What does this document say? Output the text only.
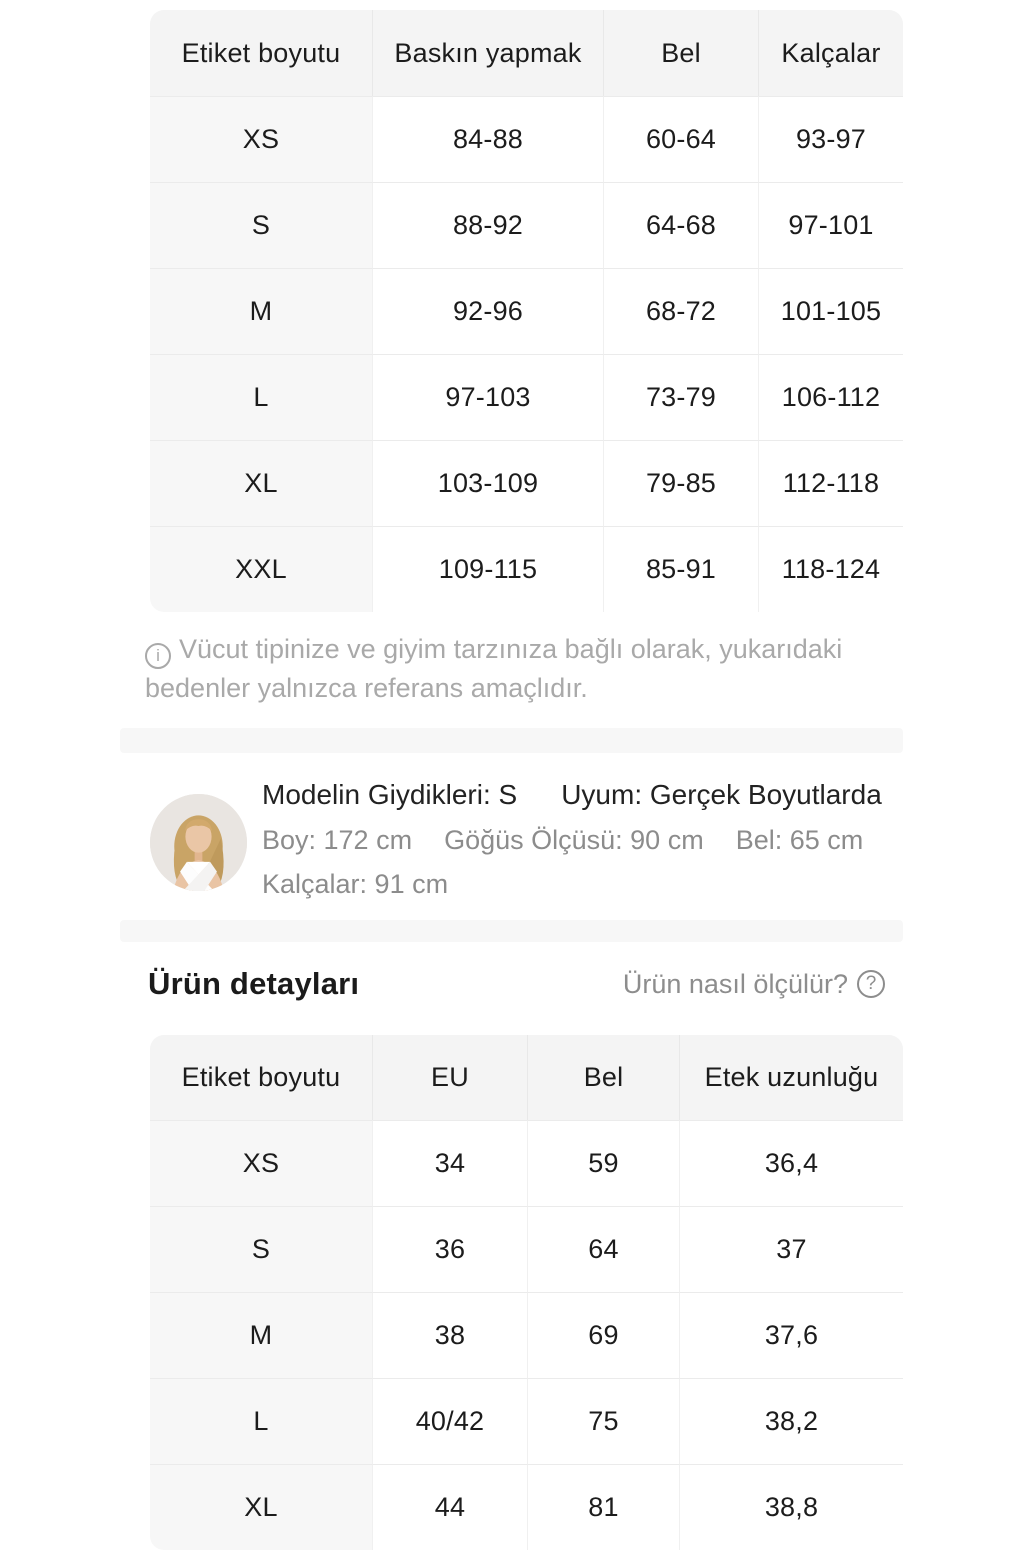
Etiket boyutu	Baskın yapmak	Bel	Kalçalar
XS	84-88	60-64	93-97
S	88-92	64-68	97-101
M	92-96	68-72	101-105
L	97-103	73-79	106-112
XL	103-109	79-85	112-118
XXL	109-115	85-91	118-124
i Vücut tipinize ve giyim tarzınıza bağlı olarak, yukarıdaki bedenler yalnızca referans amaçlıdır.
Modelin Giydikleri: S Uyum: Gerçek Boyutlarda
Boy: 172 cm Göğüs Ölçüsü: 90 cm Bel: 65 cm
Kalçalar: 91 cm
Ürün detayları	Ürün nasıl ölçülür? ?
Etiket boyutu	EU	Bel	Etek uzunluğu
XS	34	59	36,4
S	36	64	37
M	38	69	37,6
L	40/42	75	38,2
XL	44	81	38,8
